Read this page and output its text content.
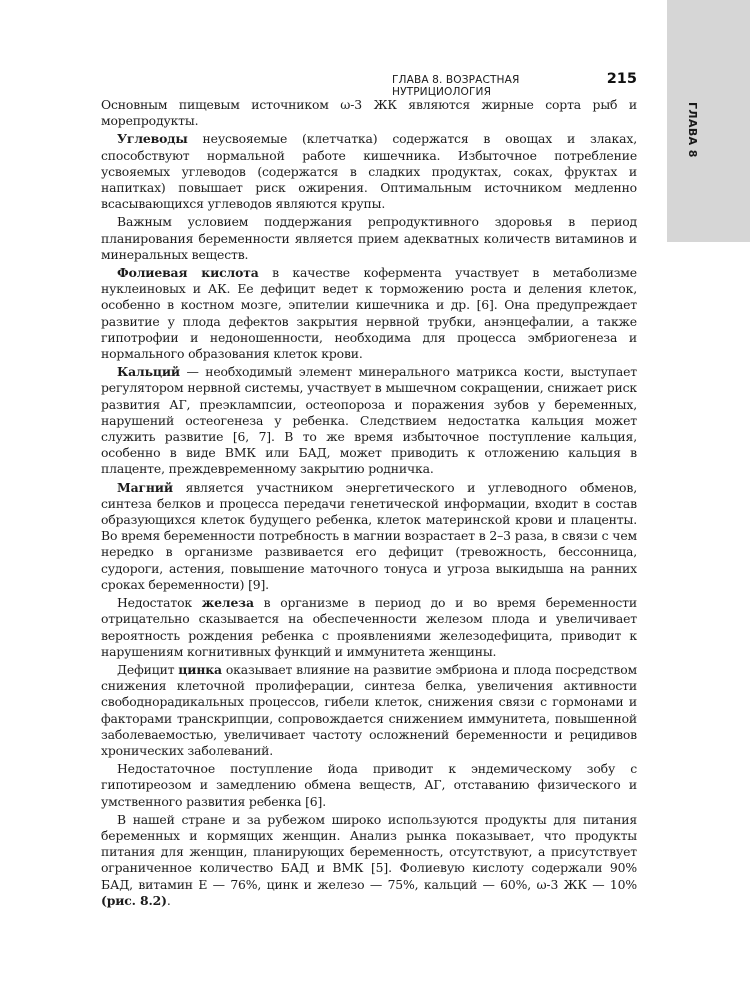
ГЛАВА 8
ГЛАВА 8. ВОЗРАСТНАЯ НУТРИЦИОЛОГИЯ
215

Основным пищевым источником ω-3 ЖК являются жирные сорта рыб и морепродукты.

Углеводы неусвояемые (клетчатка) содержатся в овощах и злаках, способствуют нормальной работе кишечника. Избыточное потребление усвояемых углеводов (содержатся в сладких продуктах, соках, фруктах и напитках) повышает риск ожирения. Оптимальным источником медленно всасывающихся углеводов являются крупы.

Важным условием поддержания репродуктивного здоровья в период планирования беременности является прием адекватных количеств витаминов и минеральных веществ.

Фолиевая кислота в качестве кофермента участвует в метаболизме нуклеиновых и АК. Ее дефицит ведет к торможению роста и деления клеток, особенно в костном мозге, эпителии кишечника и др. [6]. Она предупреждает развитие у плода дефектов закрытия нервной трубки, анэнцефалии, а также гипотрофии и недоношенности, необходима для процесса эмбриогенеза и нормального образования клеток крови.

Кальций — необходимый элемент минерального матрикса кости, выступает регулятором нервной системы, участвует в мышечном сокращении, снижает риск развития АГ, преэклампсии, остеопороза и поражения зубов у беременных, нарушений остеогенеза у ребенка. Следствием недостатка кальция может служить развитие [6, 7]. В то же время избыточное поступление кальция, особенно в виде ВМК или БАД, может приводить к отложению кальция в плаценте, преждевременному закрытию родничка.

Магний является участником энергетического и углеводного обменов, синтеза белков и процесса передачи генетической информации, входит в состав образующихся клеток будущего ребенка, клеток материнской крови и плаценты. Во время беременности потребность в магнии возрастает в 2–3 раза, в связи с чем нередко в организме развивается его дефицит (тревожность, бессонница, судороги, астения, повышение маточного тонуса и угроза выкидыша на ранних сроках беременности) [9].

Недостаток железа в организме в период до и во время беременности отрицательно сказывается на обеспеченности железом плода и увеличивает вероятность рождения ребенка с проявлениями железодефицита, приводит к нарушениям когнитивных функций и иммунитета женщины.

Дефицит цинка оказывает влияние на развитие эмбриона и плода посредством снижения клеточной пролиферации, синтеза белка, увеличения активности свободнорадикальных процессов, гибели клеток, снижения связи с гормонами и факторами транскрипции, сопровождается снижением иммунитета, повышенной заболеваемостью, увеличивает частоту осложнений беременности и рецидивов хронических заболеваний.

Недостаточное поступление йода приводит к эндемическому зобу с гипотиреозом и замедлению обмена веществ, АГ, отставанию физического и умственного развития ребенка [6].

В нашей стране и за рубежом широко используются продукты для питания беременных и кормящих женщин. Анализ рынка показывает, что продукты питания для женщин, планирующих беременность, отсутствуют, а присутствует ограниченное количество БАД и ВМК [5]. Фолиевую кислоту содержали 90% БАД, витамин Е — 76%, цинк и железо — 75%, кальций — 60%, ω-3 ЖК — 10% (рис. 8.2).
